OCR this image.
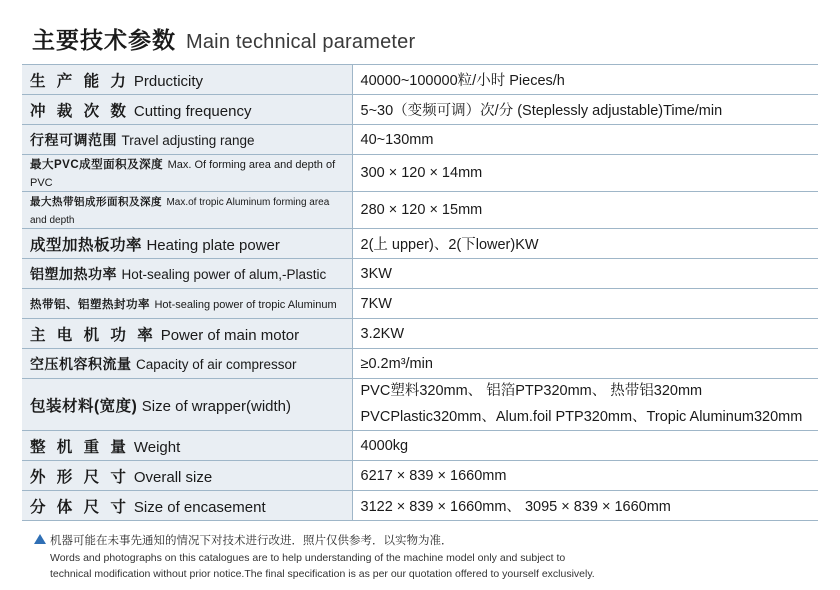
主要技术参数 Main technical parameter
生 产 能 力 Prducticity	40000~100000粒/小时 Pieces/h
冲 裁 次 数 Cutting frequency	5~30（变频可调）次/分 (Steplessly adjustable)Time/min
行程可调范围 Travel adjusting range	40~130mm
最大PVC成型面积及深度 Max. Of forming area and depth of PVC	300 × 120 × 14mm
最大热带铝成形面积及深度 Max.of tropic Aluminum forming area and depth	280 × 120 × 15mm
成型加热板功率 Heating plate power	2(上 upper)、2(下lower)KW
铝塑加热功率 Hot-sealing power of alum,-Plastic	3KW
热带铝、铝塑热封功率 Hot-sealing power of tropic Aluminum	7KW
主 电 机 功 率 Power of main motor	3.2KW
空压机容积流量 Capacity of air compressor	≥0.2m³/min
包装材料(宽度) Size of wrapper(width)	PVC塑料320mm、 铝箔PTP320mm、 热带铝320mm
PVCPlastic320mm、Alum.foil PTP320mm、Tropic Aluminum320mm

整 机 重 量 Weight	4000kg
外 形 尺 寸 Overall size	6217 × 839 × 1660mm
分 体 尺 寸 Size of encasement	3122 × 839 × 1660mm、 3095 × 839 × 1660mm
机器可能在未事先通知的情况下对技术进行改进．照片仅供参考．以实物为准．
Words and photographs on this catalogues are to help understanding of the machine model only and subject to
technical modification without prior notice.The final specification is as per our quotation offered to yourself exclusively.
